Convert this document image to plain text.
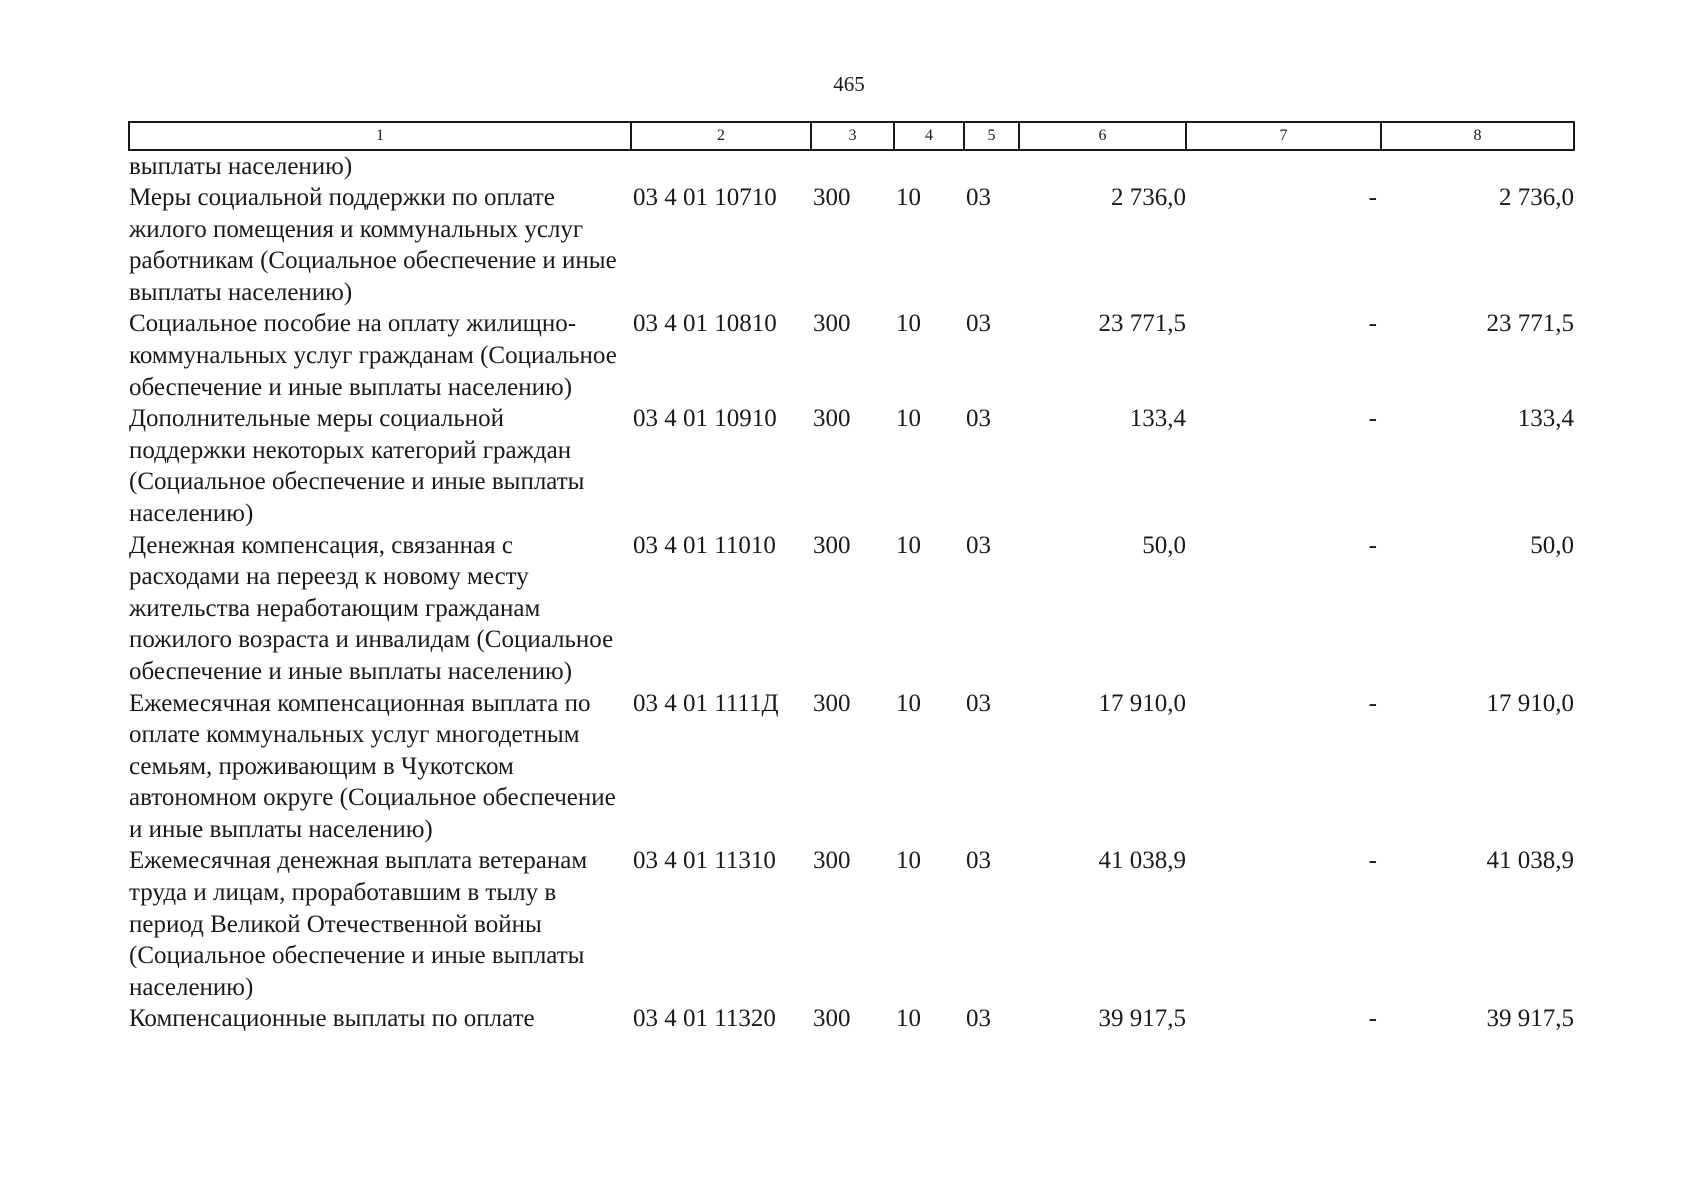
465
1	2	3	4	5	6	7	8
выплаты населению)							
Меры социальной поддержки по оплате жилого помещения и коммунальных услуг работникам (Социальное обеспечение и иные выплаты населению)	03 4 01 10710	300	10	03	2 736,0	-	2 736,0
Социальное пособие на оплату жилищно-коммунальных услуг гражданам (Социальное обеспечение и иные выплаты населению)	03 4 01 10810	300	10	03	23 771,5	-	23 771,5
Дополнительные меры социальной поддержки некоторых категорий граждан (Социальное обеспечение и иные выплаты населению)	03 4 01 10910	300	10	03	133,4	-	133,4
Денежная компенсация, связанная с расходами на переезд к новому месту жительства неработающим гражданам пожилого возраста и инвалидам (Социальное обеспечение и иные выплаты населению)	03 4 01 11010	300	10	03	50,0	-	50,0
Ежемесячная компенсационная выплата по оплате коммунальных услуг многодетным семьям, проживающим в Чукотском автономном округе (Социальное обеспечение и иные выплаты населению)	03 4 01 1111Д	300	10	03	17 910,0	-	17 910,0
Ежемесячная денежная выплата ветеранам труда и лицам, проработавшим в тылу в период Великой Отечественной войны (Социальное обеспечение и иные выплаты населению)	03 4 01 11310	300	10	03	41 038,9	-	41 038,9
Компенсационные выплаты по оплате	03 4 01 11320	300	10	03	39 917,5	-	39 917,5
